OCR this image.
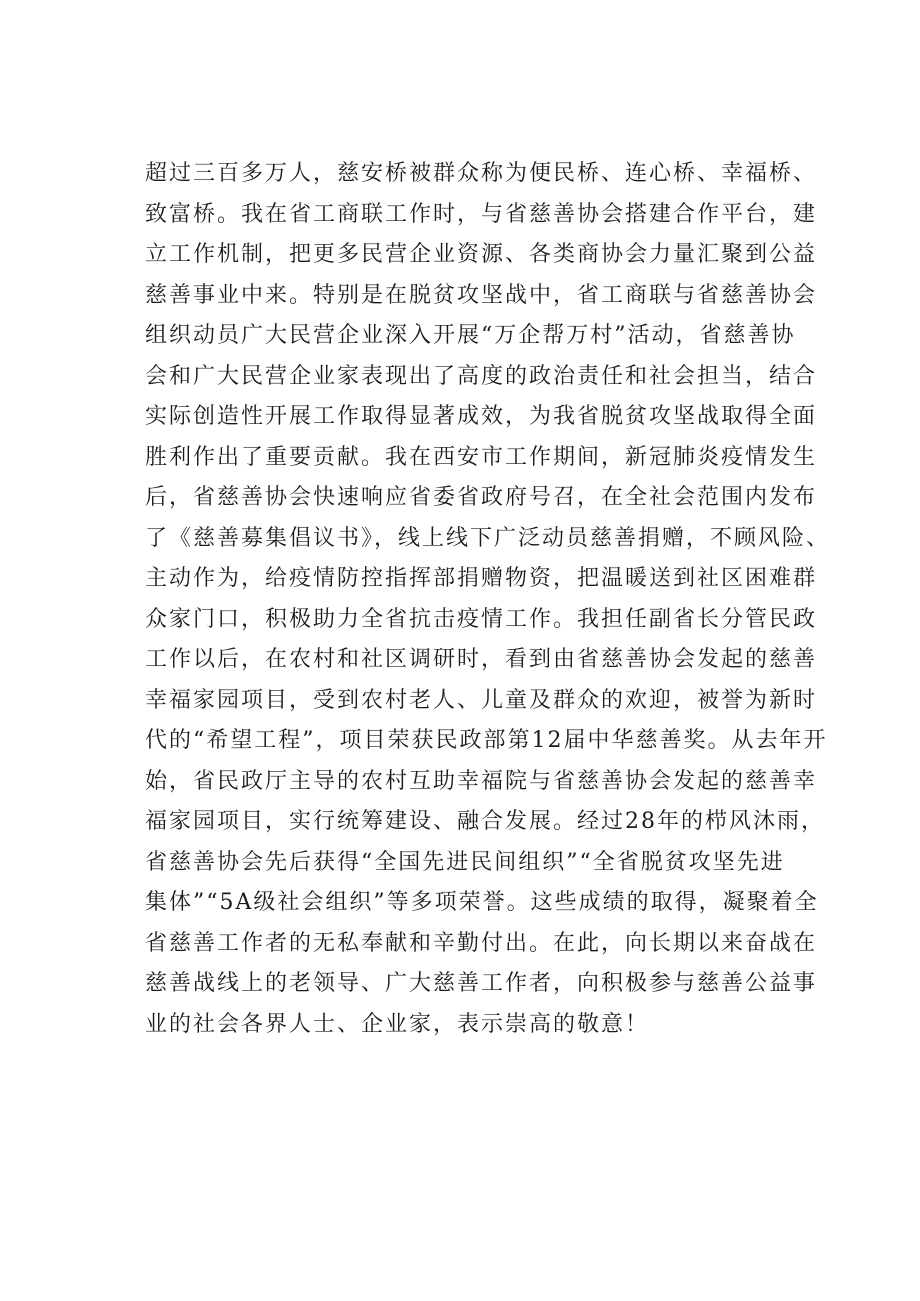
超过三百多万人，慈安桥被群众称为便民桥、连心桥、幸福桥、
致富桥。我在省工商联工作时，与省慈善协会搭建合作平台，建
立工作机制，把更多民营企业资源、各类商协会力量汇聚到公益
慈善事业中来。特别是在脱贫攻坚战中，省工商联与省慈善协会
组织动员广大民营企业深入开展“万企帮万村”活动，省慈善协
会和广大民营企业家表现出了高度的政治责任和社会担当，结合
实际创造性开展工作取得显著成效，为我省脱贫攻坚战取得全面
胜利作出了重要贡献。我在西安市工作期间，新冠肺炎疫情发生
后，省慈善协会快速响应省委省政府号召，在全社会范围内发布
了《慈善募集倡议书》，线上线下广泛动员慈善捐赠，不顾风险、
主动作为，给疫情防控指挥部捐赠物资，把温暖送到社区困难群
众家门口，积极助力全省抗击疫情工作。我担任副省长分管民政
工作以后，在农村和社区调研时，看到由省慈善协会发起的慈善
幸福家园项目，受到农村老人、儿童及群众的欢迎，被誉为新时
代的“希望工程”，项目荣获民政部第12届中华慈善奖。从去年开
始，省民政厅主导的农村互助幸福院与省慈善协会发起的慈善幸
福家园项目，实行统筹建设、融合发展。经过28年的栉风沐雨，
省慈善协会先后获得“全国先进民间组织”“全省脱贫攻坚先进
集体”“5A级社会组织”等多项荣誉。这些成绩的取得，凝聚着全
省慈善工作者的无私奉献和辛勤付出。在此，向长期以来奋战在
慈善战线上的老领导、广大慈善工作者，向积极参与慈善公益事
业的社会各界人士、企业家，表示崇高的敬意！
